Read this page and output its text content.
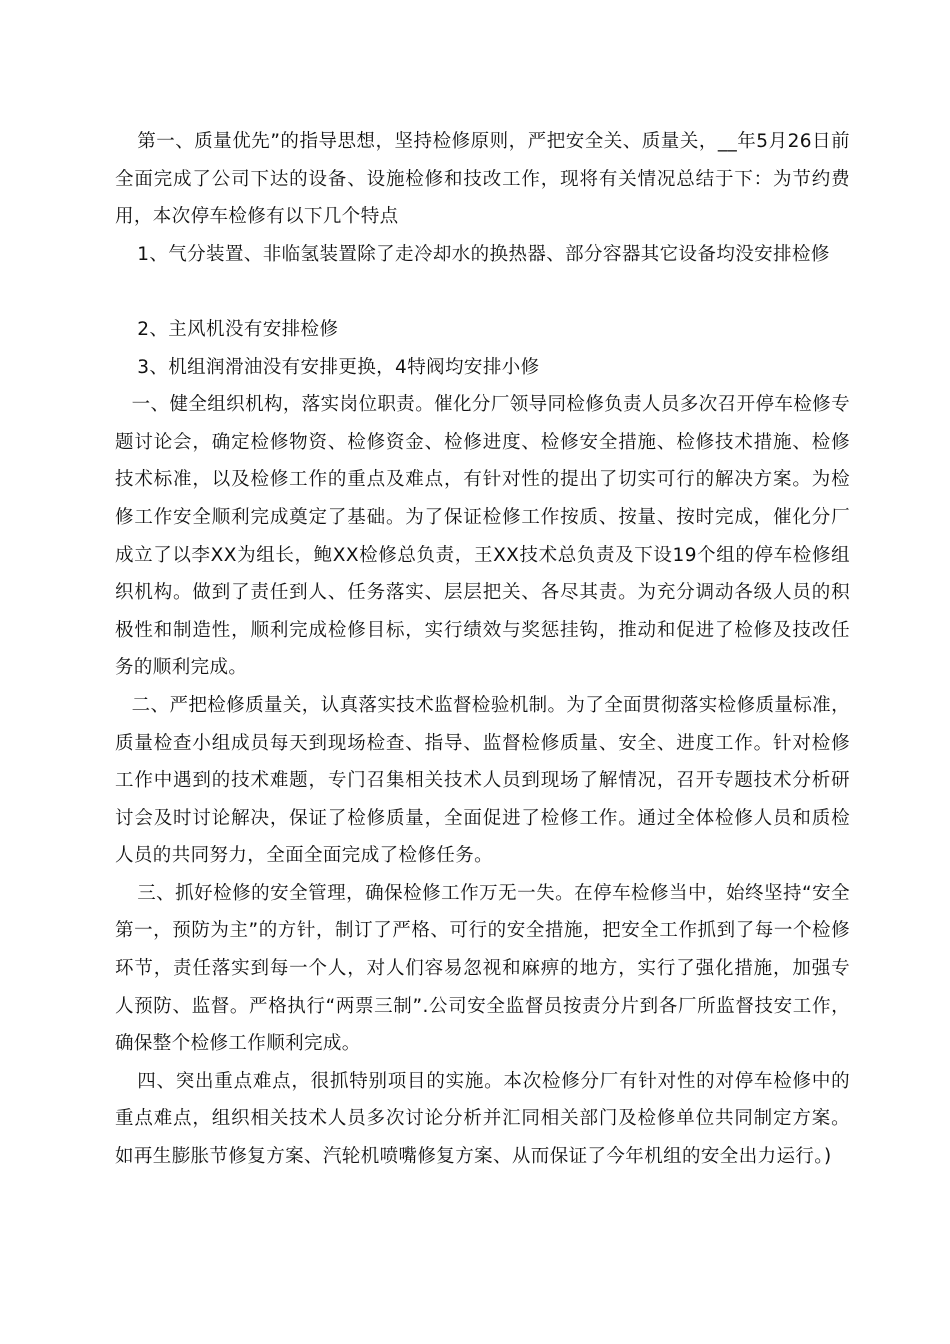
第一、质量优先”的指导思想，坚持检修原则，严把安全关、质量关，__年5月26日前全面完成了公司下达的设备、设施检修和技改工作，现将有关情况总结于下：为节约费用，本次停车检修有以下几个特点

1、气分装置、非临氢装置除了走冷却水的换热器、部分容器其它设备均没安排检修

2、主风机没有安排检修

3、机组润滑油没有安排更换，4特阀均安排小修

一、健全组织机构，落实岗位职责。催化分厂领导同检修负责人员多次召开停车检修专题讨论会，确定检修物资、检修资金、检修进度、检修安全措施、检修技术措施、检修技术标准，以及检修工作的重点及难点，有针对性的提出了切实可行的解决方案。为检修工作安全顺利完成奠定了基础。为了保证检修工作按质、按量、按时完成，催化分厂成立了以李XX为组长，鲍XX检修总负责，王XX技术总负责及下设19个组的停车检修组织机构。做到了责任到人、任务落实、层层把关、各尽其责。为充分调动各级人员的积极性和制造性，顺利完成检修目标，实行绩效与奖惩挂钩，推动和促进了检修及技改任务的顺利完成。

二、严把检修质量关，认真落实技术监督检验机制。为了全面贯彻落实检修质量标准，质量检查小组成员每天到现场检查、指导、监督检修质量、安全、进度工作。针对检修工作中遇到的技术难题，专门召集相关技术人员到现场了解情况，召开专题技术分析研讨会及时讨论解决，保证了检修质量，全面促进了检修工作。通过全体检修人员和质检人员的共同努力，全面全面完成了检修任务。

三、抓好检修的安全管理，确保检修工作万无一失。在停车检修当中，始终坚持“安全第一，预防为主”的方针，制订了严格、可行的安全措施，把安全工作抓到了每一个检修环节，责任落实到每一个人，对人们容易忽视和麻痹的地方，实行了强化措施，加强专人预防、监督。严格执行“两票三制”.公司安全监督员按责分片到各厂所监督技安工作，确保整个检修工作顺利完成。

四、突出重点难点，很抓特别项目的实施。本次检修分厂有针对性的对停车检修中的重点难点，组织相关技术人员多次讨论分析并汇同相关部门及检修单位共同制定方案。如再生膨胀节修复方案、汽轮机喷嘴修复方案、从而保证了今年机组的安全出力运行。)
